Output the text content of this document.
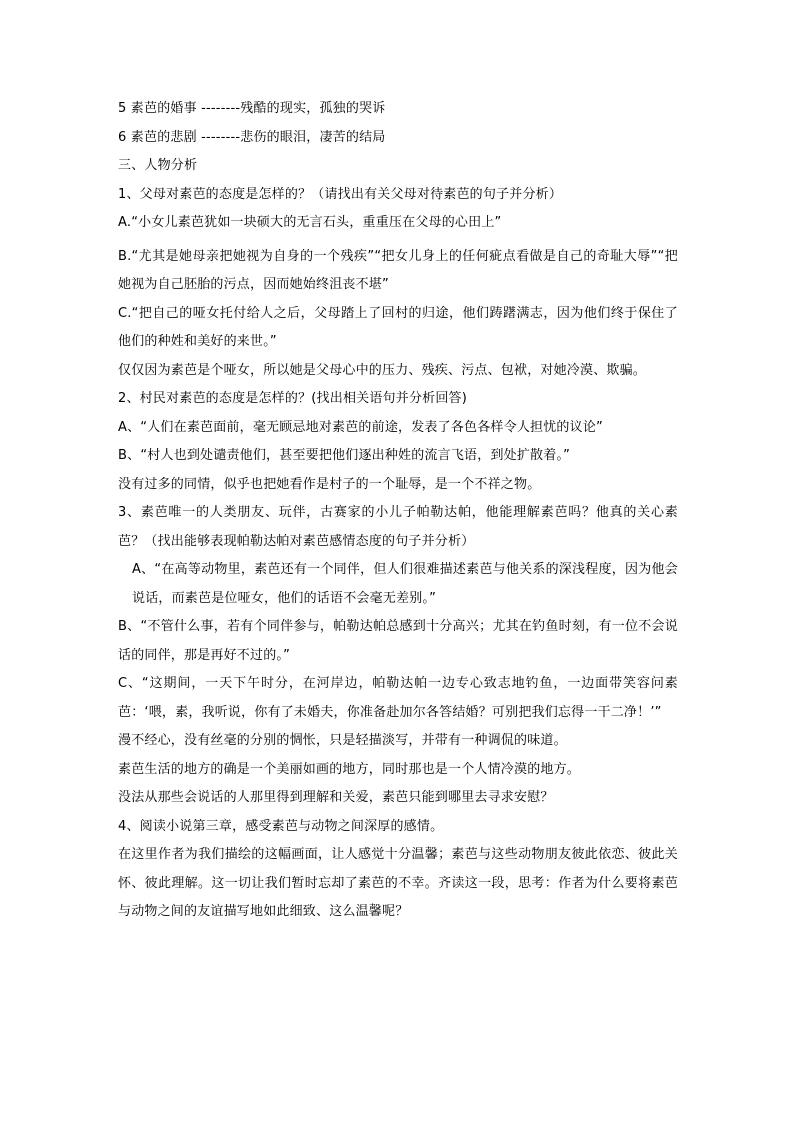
5 素芭的婚事 --------残酷的现实，孤独的哭诉
6 素芭的悲剧 --------悲伤的眼泪，凄苦的结局
三、人物分析
1、父母对素芭的态度是怎样的？（请找出有关父母对待素芭的句子并分析）
A.“小女儿素芭犹如一块硕大的无言石头，重重压在父母的心田上”
B.“尤其是她母亲把她视为自身的一个残疾”“把女儿身上的任何疵点看做是自己的奇耻大辱”“把她视为自己胚胎的污点，因而她始终沮丧不堪”
C.“把自己的哑女托付给人之后，父母踏上了回村的归途，他们踌躇满志，因为他们终于保住了他们的种姓和美好的来世。”
仅仅因为素芭是个哑女，所以她是父母心中的压力、残疾、污点、包袱，对她冷漠、欺骗。
2、村民对素芭的态度是怎样的？(找出相关语句并分析回答)
A、“人们在素芭面前，毫无顾忌地对素芭的前途，发表了各色各样令人担忧的议论”
B、“村人也到处谴责他们，甚至要把他们逐出种姓的流言飞语，到处扩散着。”
没有过多的同情，似乎也把她看作是村子的一个耻辱，是一个不祥之物。
3、素芭唯一的人类朋友、玩伴，古赛家的小儿子帕勒达帕，他能理解素芭吗？他真的关心素芭？（找出能够表现帕勒达帕对素芭感情态度的句子并分析）
A、“在高等动物里，素芭还有一个同伴，但人们很难描述素芭与他关系的深浅程度，因为他会说话，而素芭是位哑女，他们的话语不会毫无差别。”
B、“不管什么事，若有个同伴参与，帕勒达帕总感到十分高兴；尤其在钓鱼时刻，有一位不会说话的同伴，那是再好不过的。”
C、“这期间，一天下午时分，在河岸边，帕勒达帕一边专心致志地钓鱼，一边面带笑容问素芭：‘喂，素，我听说，你有了未婚夫，你准备赴加尔各答结婚？可别把我们忘得一干二净！’”
漫不经心，没有丝毫的分别的惆怅，只是轻描淡写，并带有一种调侃的味道。
素芭生活的地方的确是一个美丽如画的地方，同时那也是一个人情冷漠的地方。
没法从那些会说话的人那里得到理解和关爱，素芭只能到哪里去寻求安慰？
4、阅读小说第三章，感受素芭与动物之间深厚的感情。
在这里作者为我们描绘的这幅画面，让人感觉十分温馨；素芭与这些动物朋友彼此依恋、彼此关怀、彼此理解。这一切让我们暂时忘却了素芭的不幸。齐读这一段，思考：作者为什么要将素芭与动物之间的友谊描写地如此细致、这么温馨呢？
